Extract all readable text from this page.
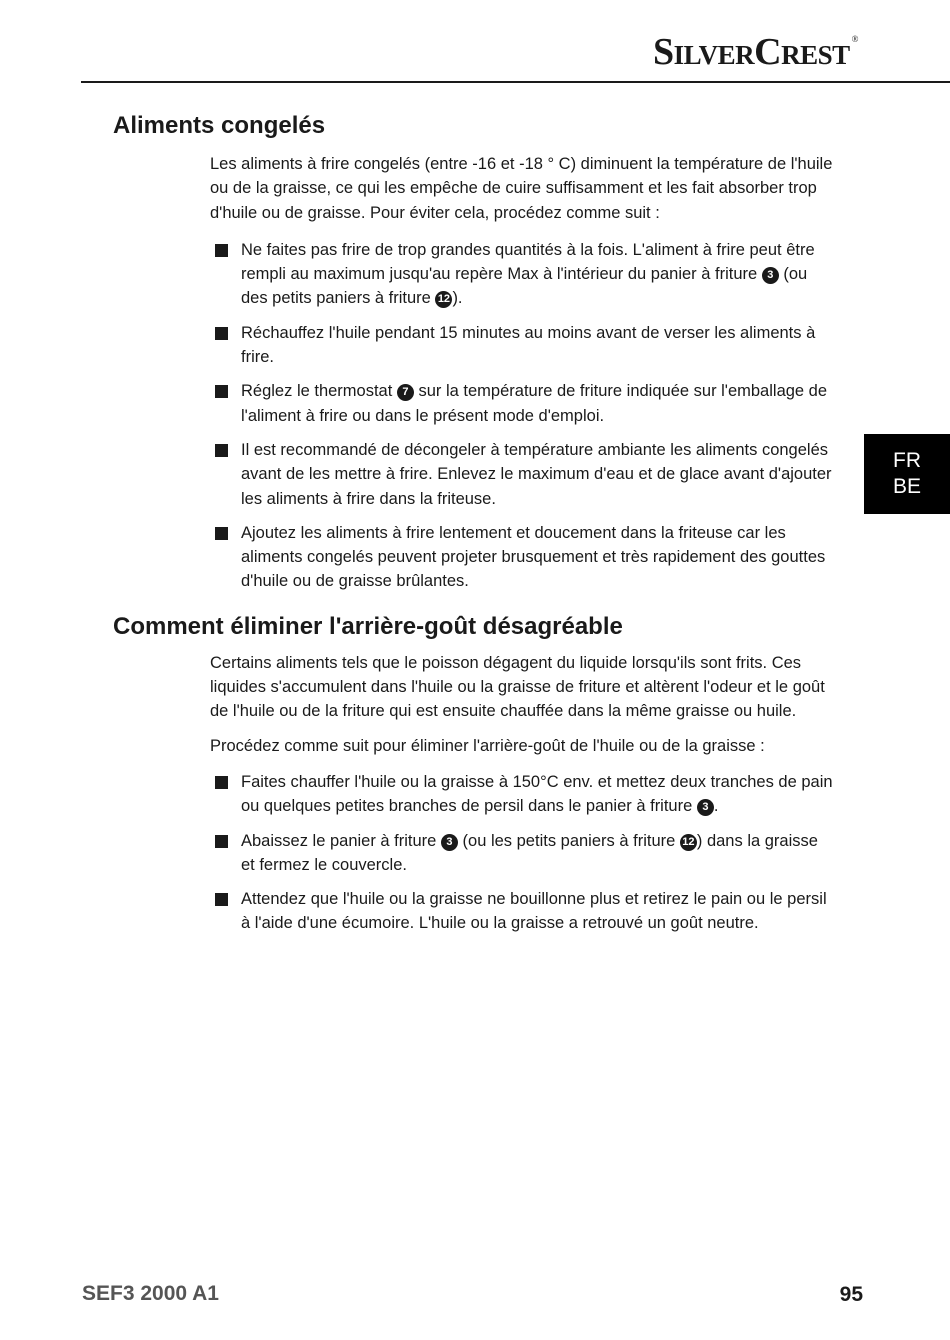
SILVERCREST®
FR
BE
Aliments congelés

Les aliments à frire congelés (entre -16 et -18 ° C) diminuent la température de l'huile ou de la graisse, ce qui les empêche de cuire suffisamment et les fait absorber trop d'huile ou de graisse. Pour éviter cela, procédez comme suit :

Ne faites pas frire de trop grandes quantités à la fois. L'aliment à frire peut être rempli au maximum jusqu'au repère Max à l'intérieur du panier à friture 3 (ou des petits paniers à friture 12 ).
Réchauffez l'huile pendant 15 minutes au moins avant de verser les aliments à frire.
Réglez le thermostat 7 sur la température de friture indiquée sur l'emballage de l'aliment à frire ou dans le présent mode d'emploi.
Il est recommandé de décongeler à température ambiante les aliments congelés avant de les mettre à frire. Enlevez le maximum d'eau et de glace avant d'ajouter les aliments à frire dans la friteuse.
Ajoutez les aliments à frire lentement et doucement dans la friteuse car les aliments congelés peuvent projeter brusquement et très rapidement des gouttes d'huile ou de graisse brûlantes.
Comment éliminer l'arrière-goût désagréable

Certains aliments tels que le poisson dégagent du liquide lorsqu'ils sont frits. Ces liquides s'accumulent dans l'huile ou la graisse de friture et altèrent l'odeur et le goût de l'huile ou de la friture qui est ensuite chauffée dans la même graisse ou huile.

Procédez comme suit pour éliminer l'arrière-goût de l'huile ou de la graisse :

Faites chauffer l'huile ou la graisse à 150°C env. et mettez deux tranches de pain ou quelques petites branches de persil dans le panier à friture 3 .
Abaissez le panier à friture 3 (ou les petits paniers à friture 12 ) dans la graisse et fermez le couvercle.
Attendez que l'huile ou la graisse ne bouillonne plus et retirez le pain ou le persil à l'aide d'une écumoire. L'huile ou la graisse a retrouvé un goût neutre.
SEF3 2000 A1	95
